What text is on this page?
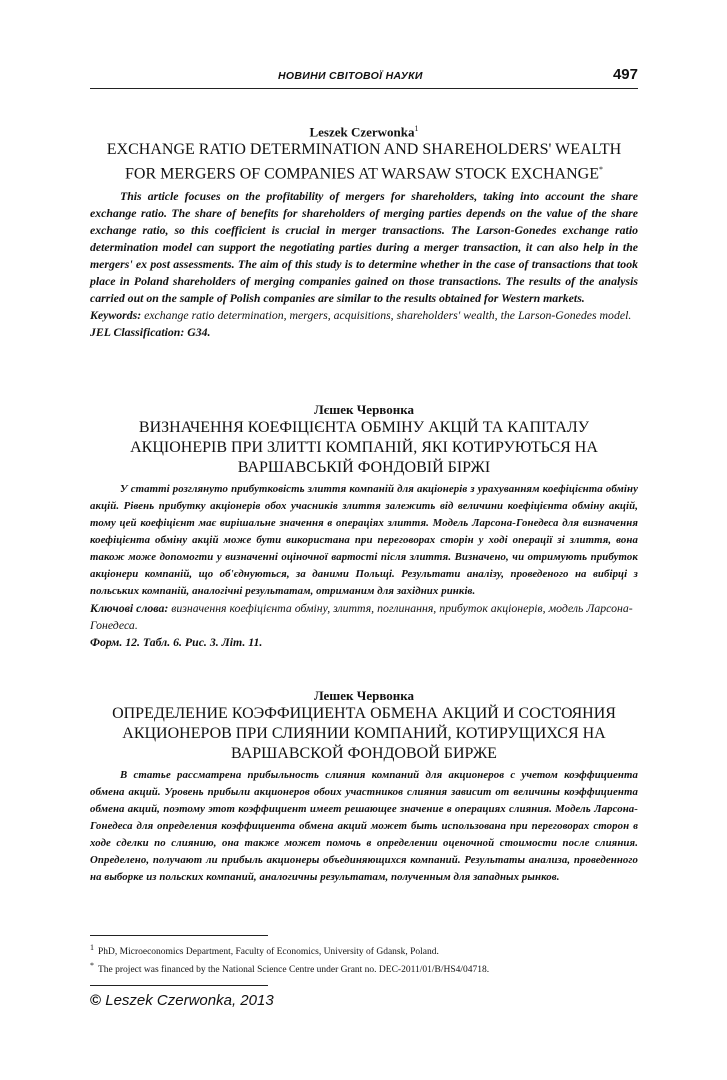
НОВИНИ СВІТОВОЇ НАУКИ	497
Leszek Czerwonka$^1$
EXCHANGE RATIO DETERMINATION AND SHAREHOLDERS' WEALTH FOR MERGERS OF COMPANIES AT WARSAW STOCK EXCHANGE*
This article focuses on the profitability of mergers for shareholders, taking into account the share exchange ratio. The share of benefits for shareholders of merging parties depends on the value of the share exchange ratio, so this coefficient is crucial in merger transactions. The Larson-Gonedes exchange ratio determination model can support the negotiating parties during a merger transaction, it can also help in the mergers' ex post assessments. The aim of this study is to determine whether in the case of transactions that took place in Poland shareholders of merging companies gained on those transactions. The results of the analysis carried out on the sample of Polish companies are similar to the results obtained for Western markets.
Keywords: exchange ratio determination, mergers, acquisitions, shareholders' wealth, the Larson-Gonedes model.
JEL Classification: G34.
Лєшек Червонка
ВИЗНАЧЕННЯ КОЕФІЦІЄНТА ОБМІНУ АКЦІЙ ТА КАПІТАЛУ АКЦІОНЕРІВ ПРИ ЗЛИТТІ КОМПАНІЙ, ЯКІ КОТИРУЮТЬСЯ НА ВАРШАВСЬКІЙ ФОНДОВІЙ БІРЖІ
У статті розглянуто прибутковість злиття компаній для акціонерів з урахуванням коефіцієнта обміну акцій. Рівень прибутку акціонерів обох учасників злиття залежить від величини коефіцієнта обміну акцій, тому цей коефіцієнт має вирішальне значення в операціях злиття. Модель Ларсона-Гонедеса для визначення коефіцієнта обміну акцій може бути використана при переговорах сторін у ході операції зі злиття, вона також може допомогти у визначенні оціночної вартості після злиття. Визначено, чи отримують прибуток акціонери компаній, що об'єднуються, за даними Польщі. Результати аналізу, проведеного на вибірці з польських компаній, аналогічні результатам, отриманим для західних ринків.
Ключові слова: визначення коефіцієнта обміну, злиття, поглинання, прибуток акціонерів, модель Ларсона-Гонедеса.
Форм. 12. Табл. 6. Рис. 3. Літ. 11.
Лешек Червонка
ОПРЕДЕЛЕНИЕ КОЭФФИЦИЕНТА ОБМЕНА АКЦИЙ И СОСТОЯНИЯ АКЦИОНЕРОВ ПРИ СЛИЯНИИ КОМПАНИЙ, КОТИРУЩИХСЯ НА ВАРШАВСКОЙ ФОНДОВОЙ БИРЖЕ
В статье рассматрена прибыльность слияния компаний для акционеров с учетом коэффициента обмена акций. Уровень прибыли акционеров обоих участников слияния зависит от величины коэффициента обмена акций, поэтому этот коэффициент имеет решающее значение в операциях слияния. Модель Ларсона-Гонедеса для определения коэффициента обмена акций может быть использована при переговорах сторон в ходе сделки по слиянию, она также может помочь в определении оценочной стоимости после слияния. Определено, получают ли прибыль акционеры объединяющихся компаний. Результаты анализа, проведенного на выборке из польских компаний, аналогичны результатам, полученным для западных рынков.
$^1$ PhD, Microeconomics Department, Faculty of Economics, University of Gdansk, Poland.
* The project was financed by the National Science Centre under Grant no. DEC-2011/01/B/HS4/04718.
© Leszek Czerwonka, 2013
